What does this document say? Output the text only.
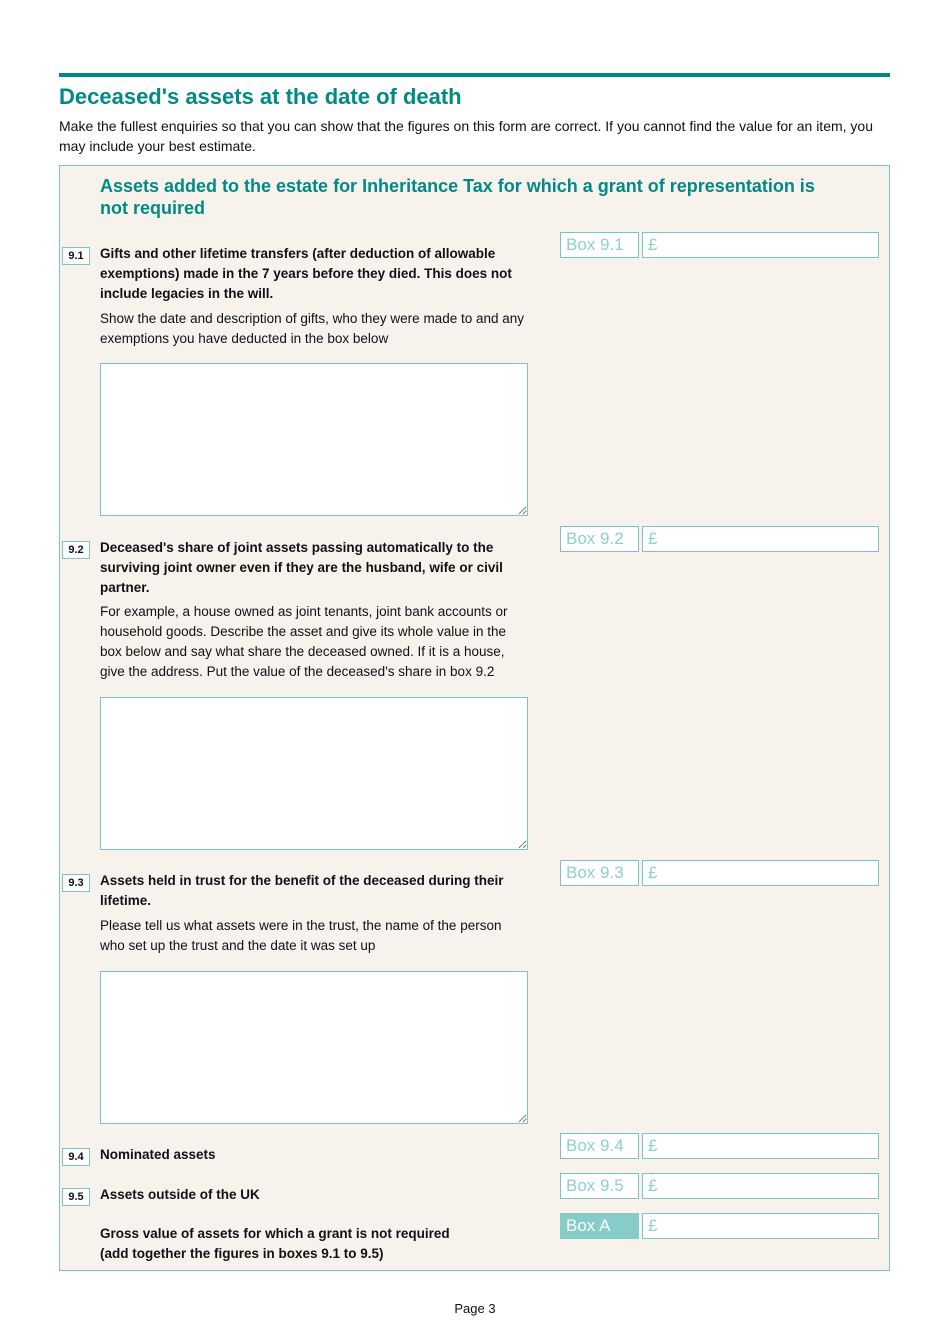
Deceased's assets at the date of death
Make the fullest enquiries so that you can show that the figures on this form are correct. If you cannot find the value for an item, you may include your best estimate.
Assets added to the estate for Inheritance Tax for which a grant of representation is not required
9.1	Gifts and other lifetime transfers (after deduction of allowable exemptions) made in the 7 years before they died. This does not include legacies in the will.
Show the date and description of gifts, who they were made to and any exemptions you have deducted in the box below
Box 9.1	£
9.2	Deceased's share of joint assets passing automatically to the surviving joint owner even if they are the husband, wife or civil partner.
For example, a house owned as joint tenants, joint bank accounts or household goods. Describe the asset and give its whole value in the box below and say what share the deceased owned. If it is a house, give the address. Put the value of the deceased's share in box 9.2
Box 9.2	£
9.3	Assets held in trust for the benefit of the deceased during their lifetime.
Please tell us what assets were in the trust, the name of the person who set up the trust and the date it was set up
Box 9.3	£
9.4	Nominated assets	Box 9.4	£
9.5	Assets outside of the UK	Box 9.5	£
Gross value of assets for which a grant is not required (add together the figures in boxes 9.1 to 9.5)
Box A	£
Page 3
